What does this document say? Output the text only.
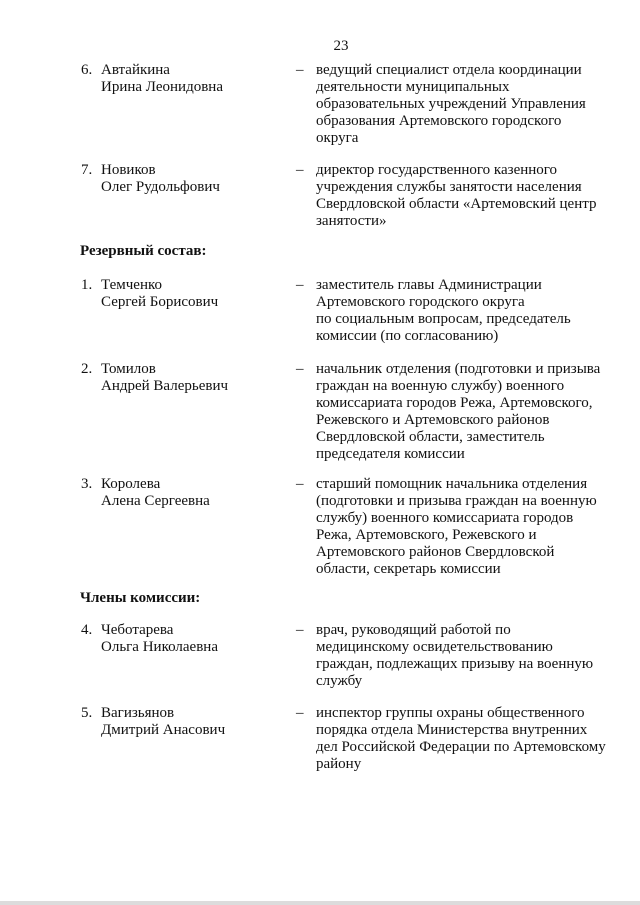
23
6. Автайкина
Ирина Леонидовна
– ведущий специалист отдела координации
деятельности муниципальных
образовательных учреждений Управления
образования Артемовского городского
округа
7. Новиков
Олег Рудольфович
– директор государственного казенного
учреждения службы занятости населения
Свердловской области «Артемовский центр
занятости»
Резервный состав:
1. Темченко
Сергей Борисович
– заместитель главы Администрации
Артемовского городского округа
по социальным вопросам, председатель
комиссии (по согласованию)
2. Томилов
Андрей Валерьевич
– начальник отделения (подготовки и призыва
граждан на военную службу) военного
комиссариата городов Режа, Артемовского,
Режевского и Артемовского районов
Свердловской области, заместитель
председателя комиссии
3. Королева
Алена Сергеевна
– старший помощник начальника отделения
(подготовки и призыва граждан на военную
службу) военного комиссариата городов
Режа, Артемовского, Режевского и
Артемовского районов Свердловской
области, секретарь комиссии
Члены комиссии:
4. Чеботарева
Ольга Николаевна
– врач, руководящий работой по
медицинскому освидетельствованию
граждан, подлежащих призыву на военную
службу
5. Вагизьянов
Дмитрий Анасович
– инспектор группы охраны общественного
порядка отдела Министерства внутренних
дел Российской Федерации по Артемовскому
району
